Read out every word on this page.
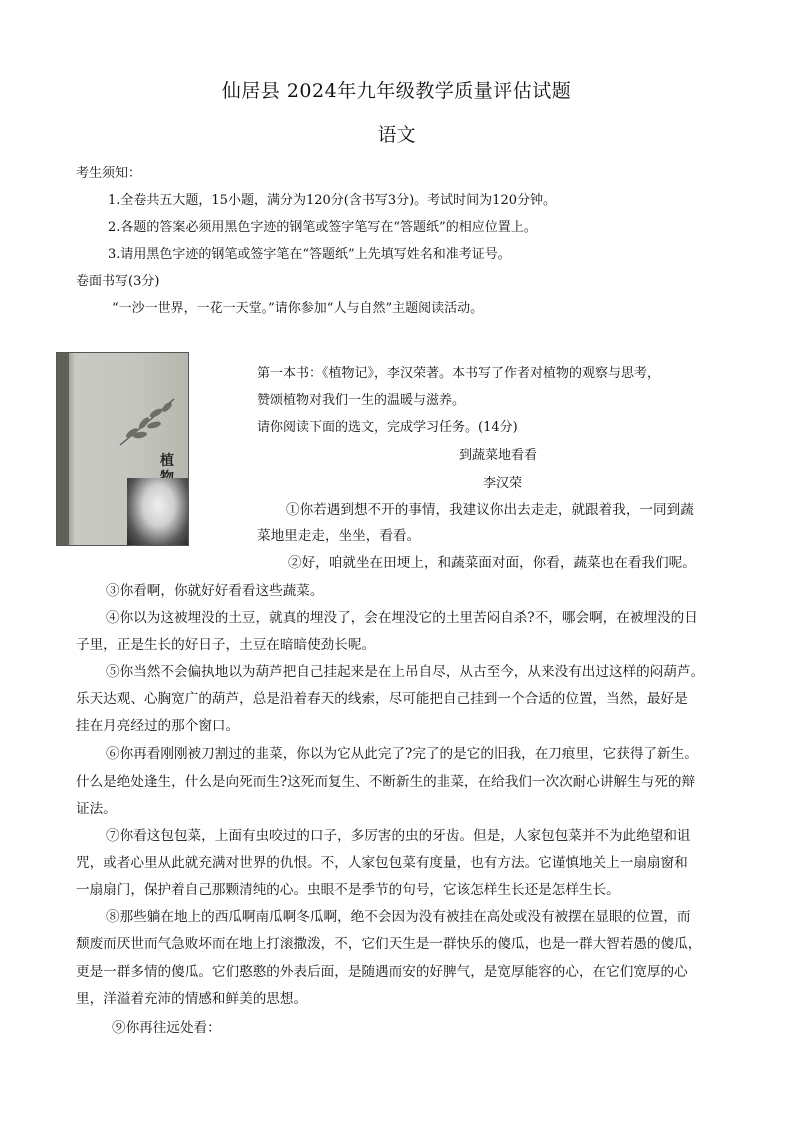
仙居县 2024年九年级教学质量评估试题
语文
考生须知：
1.全卷共五大题，15小题，满分为120分(含书写3分)。考试时间为120分钟。
2.各题的答案必须用黑色字迹的钢笔或签字笔写在“答题纸”的相应位置上。
3.请用黑色字迹的钢笔或签字笔在“答题纸”上先填写姓名和准考证号。
卷面书写(3分)
“一沙一世界，一花一天堂。”请你参加“人与自然”主题阅读活动。
植
第一本书：《植物记》，李汉荣著。本书写了作者对植物的观察与思考，
赞颂植物对我们一生的温暖与滋养。
请你阅读下面的选文，完成学习任务。(14分)
到蔬菜地看看
李汉荣
①你若遇到想不开的事情，我建议你出去走走，就跟着我，一同到蔬
菜地里走走，坐坐，看看。
②好，咱就坐在田埂上，和蔬菜面对面，你看，蔬菜也在看我们呢。
③你看啊，你就好好看看这些蔬菜。
④你以为这被埋没的土豆，就真的埋没了，会在埋没它的土里苦闷自杀?不，哪会啊，在被埋没的日
子里，正是生长的好日子，土豆在暗暗使劲长呢。
⑤你当然不会偏执地以为葫芦把自己挂起来是在上吊自尽，从古至今，从来没有出过这样的闷葫芦。
乐天达观、心胸宽广的葫芦，总是沿着春天的线索，尽可能把自己挂到一个合适的位置，当然，最好是
挂在月亮经过的那个窗口。
⑥你再看刚刚被刀割过的韭菜，你以为它从此完了?完了的是它的旧我，在刀痕里，它获得了新生。
什么是绝处逢生，什么是向死而生?这死而复生、不断新生的韭菜，在给我们一次次耐心讲解生与死的辩
证法。
⑦你看这包包菜，上面有虫咬过的口子，多厉害的虫的牙齿。但是，人家包包菜并不为此绝望和诅
咒，或者心里从此就充满对世界的仇恨。不，人家包包菜有度量，也有方法。它谨慎地关上一扇扇窗和
一扇扇门，保护着自己那颗清纯的心。虫眼不是季节的句号，它该怎样生长还是怎样生长。
⑧那些躺在地上的西瓜啊南瓜啊冬瓜啊，绝不会因为没有被挂在高处或没有被摆在显眼的位置，而
颓废而厌世而气急败坏而在地上打滚撒泼，不，它们天生是一群快乐的傻瓜，也是一群大智若愚的傻瓜，
更是一群多情的傻瓜。它们憨憨的外表后面，是随遇而安的好脾气，是宽厚能容的心，在它们宽厚的心
里，洋溢着充沛的情感和鲜美的思想。
⑨你再往远处看：
